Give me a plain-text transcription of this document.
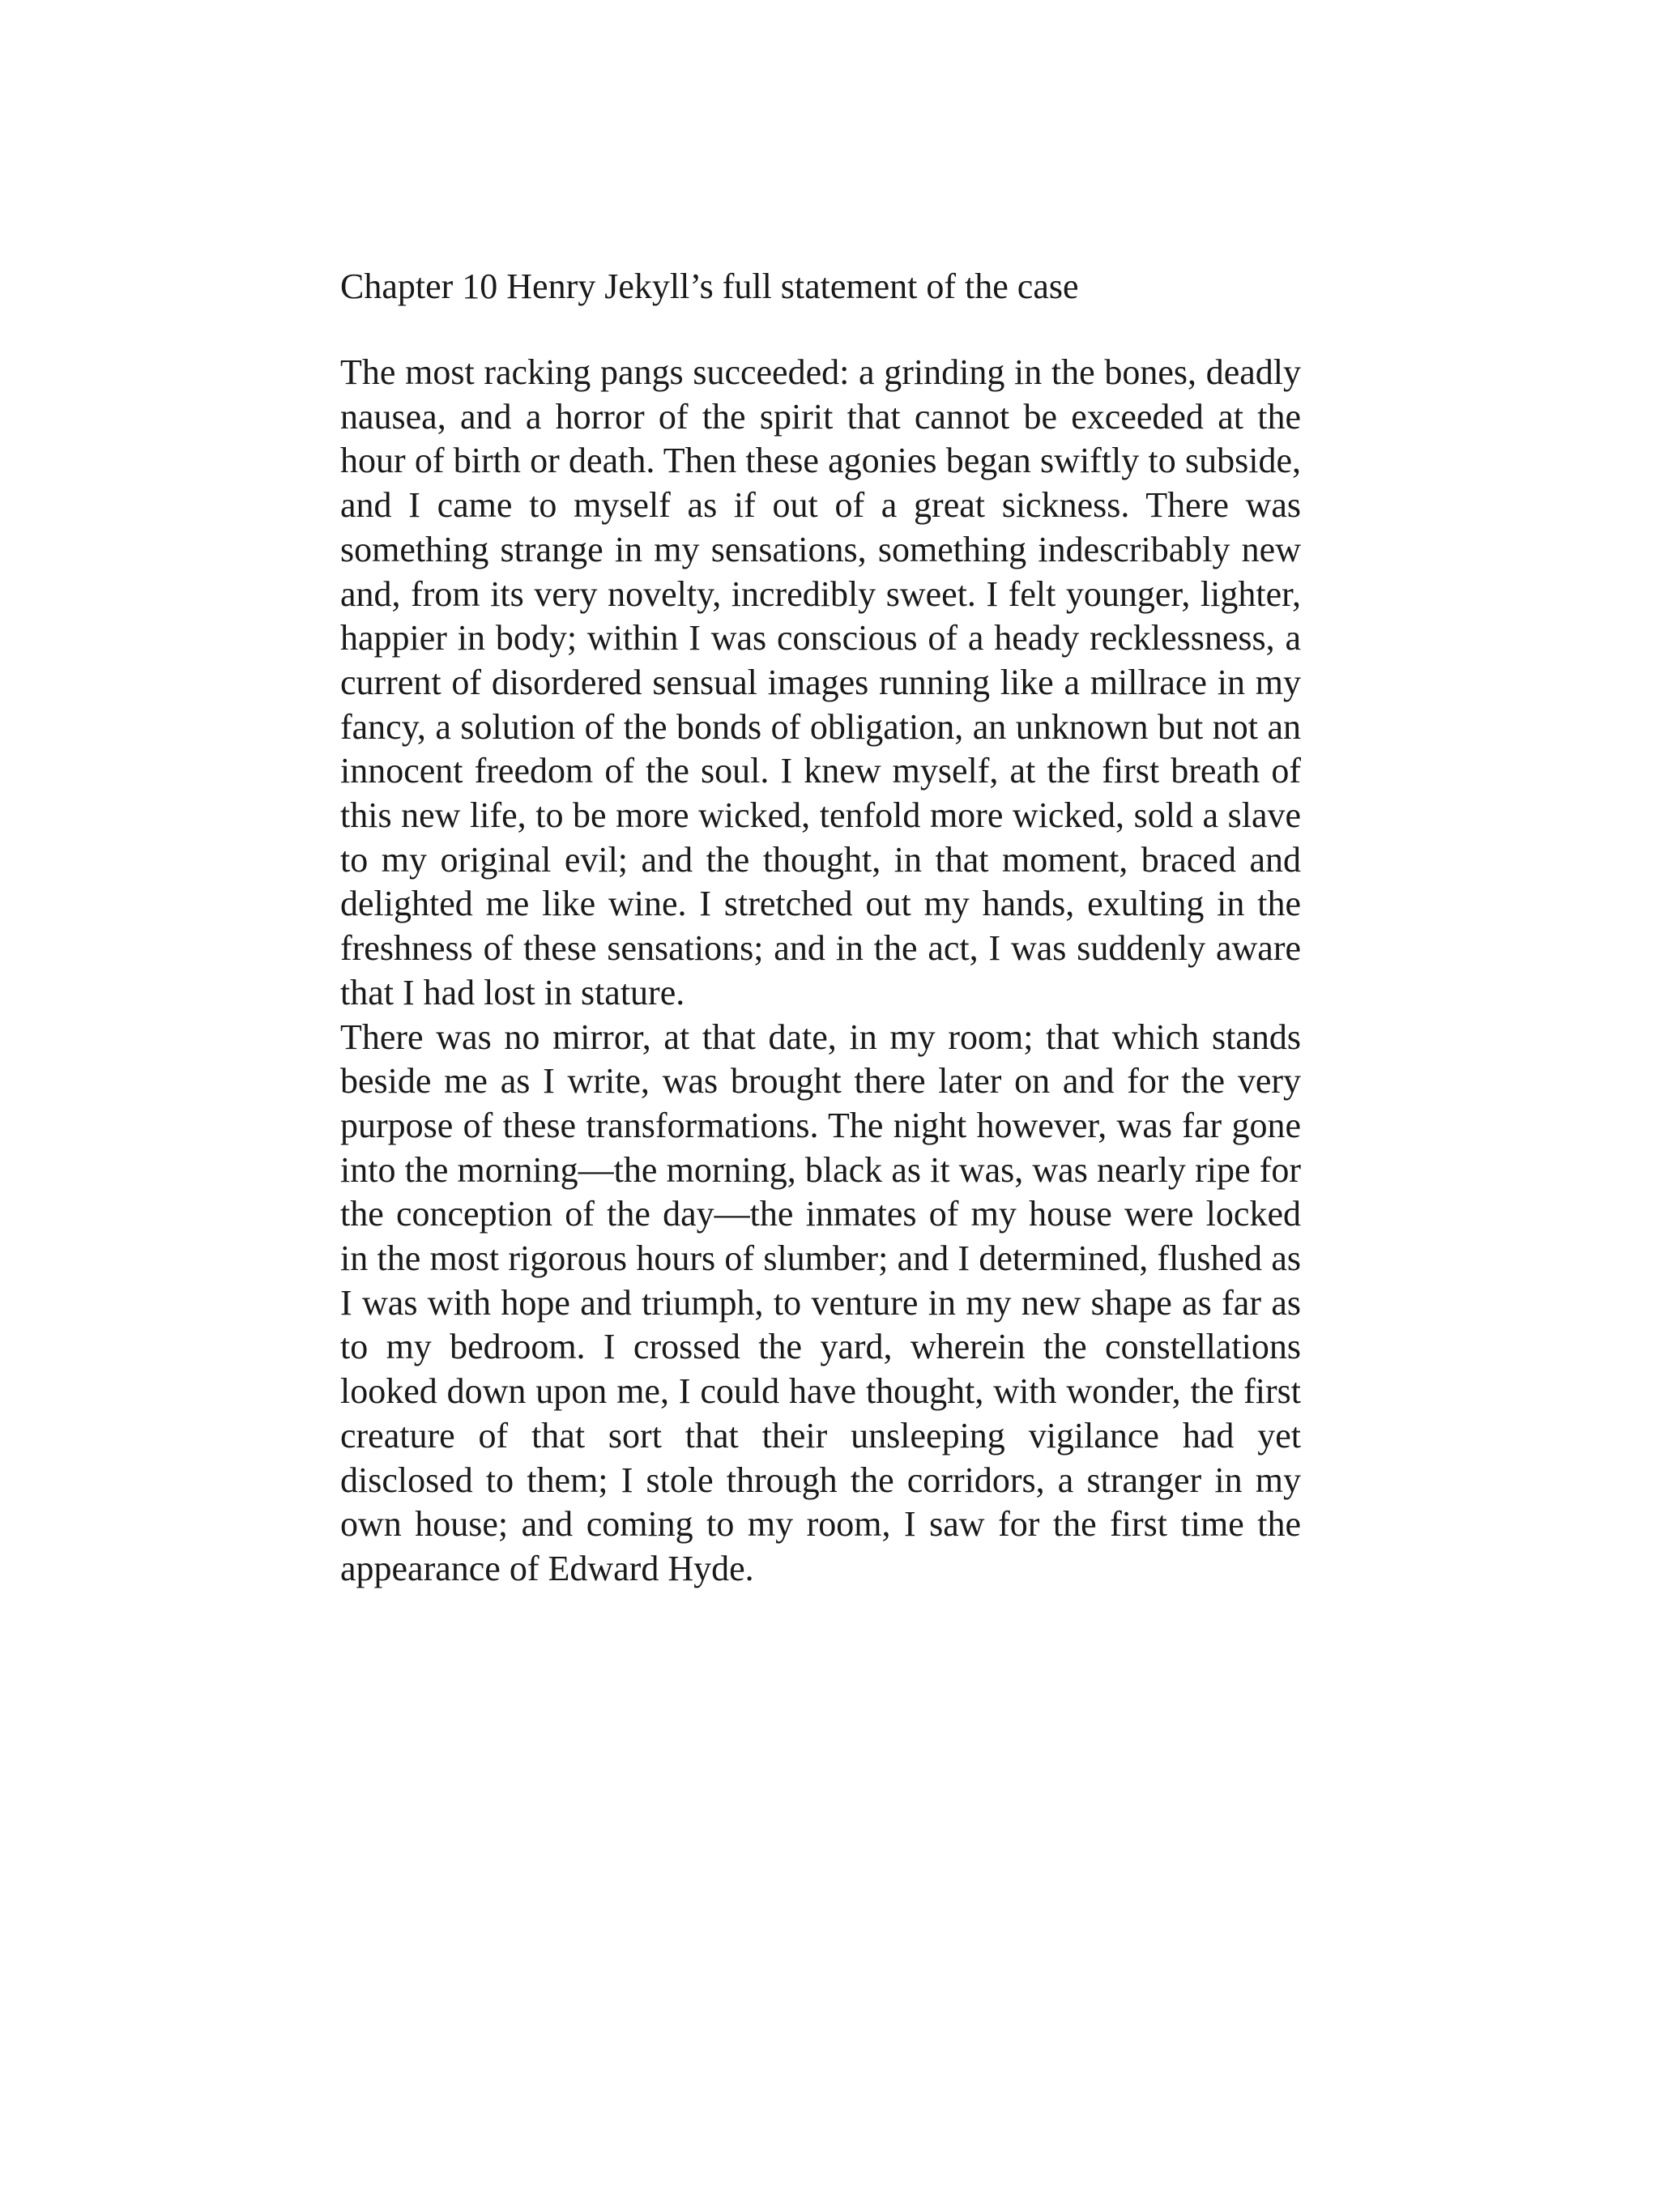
Chapter 10 Henry Jekyll’s full statement of the case

The most racking pangs succeeded: a grinding in the bones, deadly nausea, and a horror of the spirit that cannot be exceeded at the hour of birth or death. Then these agonies began swiftly to subside, and I came to myself as if out of a great sickness. There was something strange in my sensations, something indescribably new and, from its very novelty, incredibly sweet. I felt younger, lighter, happier in body; within I was conscious of a heady recklessness, a current of disordered sensual images running like a millrace in my fancy, a solution of the bonds of obligation, an unknown but not an innocent freedom of the soul. I knew myself, at the first breath of this new life, to be more wicked, tenfold more wicked, sold a slave to my original evil; and the thought, in that moment, braced and delighted me like wine. I stretched out my hands, exulting in the freshness of these sensations; and in the act, I was suddenly aware that I had lost in stature.

There was no mirror, at that date, in my room; that which stands beside me as I write, was brought there later on and for the very purpose of these transformations. The night however, was far gone into the morning—the morning, black as it was, was nearly ripe for the conception of the day—the inmates of my house were locked in the most rigorous hours of slumber; and I determined, flushed as I was with hope and triumph, to venture in my new shape as far as to my bedroom. I crossed the yard, wherein the constellations looked down upon me, I could have thought, with wonder, the first creature of that sort that their unsleeping vigilance had yet disclosed to them; I stole through the corridors, a stranger in my own house; and coming to my room, I saw for the first time the appearance of Edward Hyde.
